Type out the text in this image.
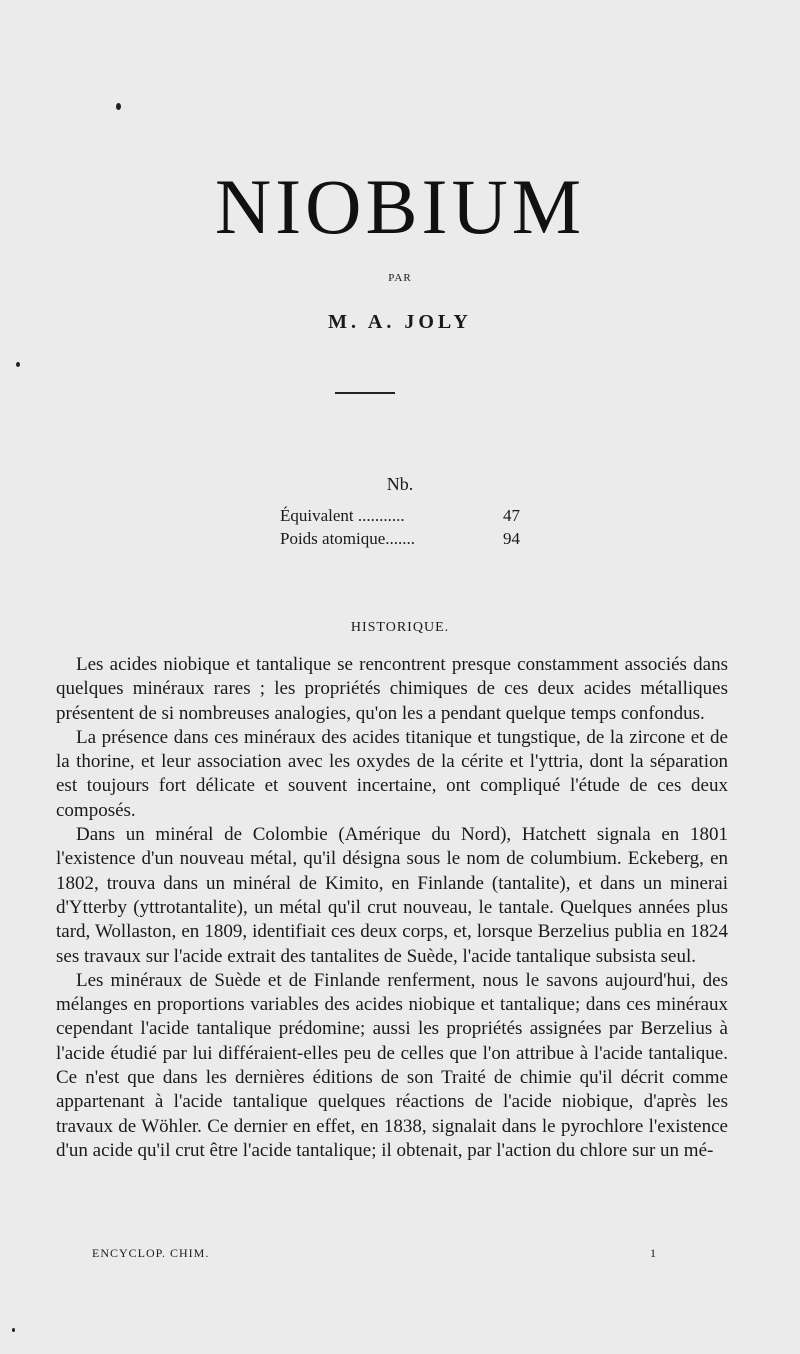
NIOBIUM
PAR
M. A. JOLY
Nb.
Équivalent ...........	47
Poids atomique.......	94
HISTORIQUE.

Les acides niobique et tantalique se rencontrent presque constamment associés dans quelques minéraux rares ; les propriétés chimiques de ces deux acides métalliques présentent de si nombreuses analogies, qu'on les a pendant quelque temps confondus.

La présence dans ces minéraux des acides titanique et tungstique, de la zircone et de la thorine, et leur association avec les oxydes de la cérite et l'yttria, dont la séparation est toujours fort délicate et souvent incertaine, ont compliqué l'étude de ces deux composés.

Dans un minéral de Colombie (Amérique du Nord), Hatchett signala en 1801 l'existence d'un nouveau métal, qu'il désigna sous le nom de columbium. Eckeberg, en 1802, trouva dans un minéral de Kimito, en Finlande (tantalite), et dans un minerai d'Ytterby (yttrotantalite), un métal qu'il crut nouveau, le tantale. Quelques années plus tard, Wollaston, en 1809, identifiait ces deux corps, et, lorsque Berzelius publia en 1824 ses travaux sur l'acide extrait des tantalites de Suède, l'acide tantalique subsista seul.

Les minéraux de Suède et de Finlande renferment, nous le savons aujourd'hui, des mélanges en proportions variables des acides niobique et tantalique; dans ces minéraux cependant l'acide tantalique prédomine; aussi les propriétés assignées par Berzelius à l'acide étudié par lui différaient-elles peu de celles que l'on attribue à l'acide tantalique. Ce n'est que dans les dernières éditions de son Traité de chimie qu'il décrit comme appartenant à l'acide tantalique quelques réactions de l'acide niobique, d'après les travaux de Wöhler. Ce dernier en effet, en 1838, signalait dans le pyrochlore l'existence d'un acide qu'il crut être l'acide tantalique; il obtenait, par l'action du chlore sur un mé-

ENCYCLOP. CHIM.	1
